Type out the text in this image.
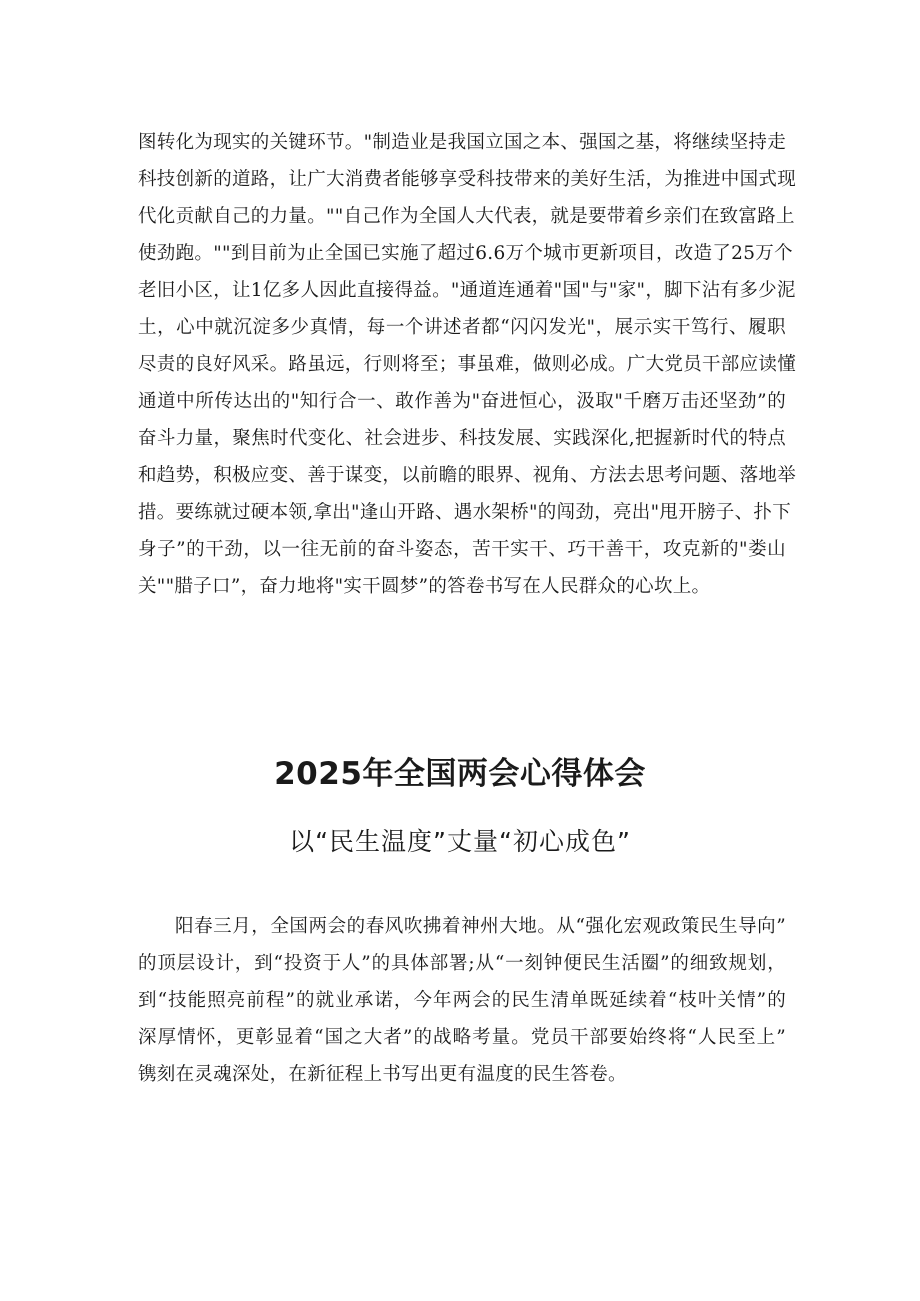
图转化为现实的关键环节。"制造业是我国立国之本、强国之基，将继续坚持走
科技创新的道路，让广大消费者能够享受科技带来的美好生活，为推进中国式现
代化贡献自己的力量。""自己作为全国人大代表，就是要带着乡亲们在致富路上
使劲跑。""到目前为止全国已实施了超过6.6万个城市更新项目，改造了25万个
老旧小区，让1亿多人因此直接得益。"通道连通着"国"与"家"，脚下沾有多少泥
土，心中就沉淀多少真情，每一个讲述者都“闪闪发光"，展示实干笃行、履职
尽责的良好风采。路虽远，行则将至；事虽难，做则必成。广大党员干部应读懂
通道中所传达出的"知行合一、敢作善为"奋进恒心，汲取"千磨万击还坚劲”的
奋斗力量，聚焦时代变化、社会进步、科技发展、实践深化,把握新时代的特点
和趋势，积极应变、善于谋变，以前瞻的眼界、视角、方法去思考问题、落地举
措。要练就过硬本领,拿出"逢山开路、遇水架桥"的闯劲，亮出"甩开膀子、扑下
身子”的干劲，以一往无前的奋斗姿态，苦干实干、巧干善干，攻克新的"娄山
关""腊子口”，奋力地将"实干圆梦”的答卷书写在人民群众的心坎上。
2025年全国两会心得体会
以“民生温度”丈量“初心成色”
阳春三月，全国两会的春风吹拂着神州大地。从“强化宏观政策民生导向”
的顶层设计，到“投资于人”的具体部署;从“一刻钟便民生活圈”的细致规划，
到“技能照亮前程”的就业承诺，今年两会的民生清单既延续着“枝叶关情”的
深厚情怀，更彰显着“国之大者”的战略考量。党员干部要始终将“人民至上”
镌刻在灵魂深处，在新征程上书写出更有温度的民生答卷。
